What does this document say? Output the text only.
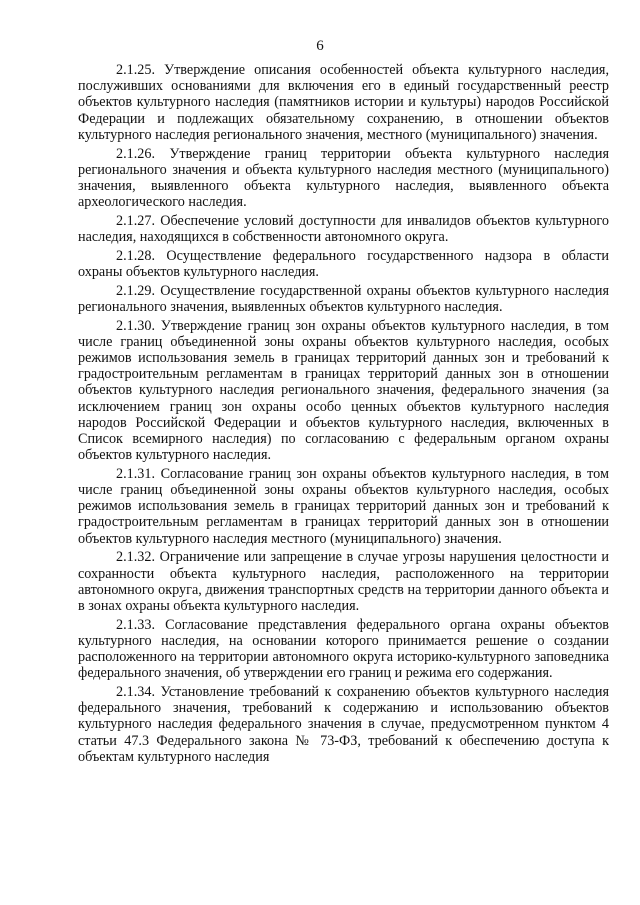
6

2.1.25. Утверждение описания особенностей объекта культурного наследия, послуживших основаниями для включения его в единый государственный реестр объектов культурного наследия (памятников истории и культуры) народов Российской Федерации и подлежащих обязательному сохранению, в отношении объектов культурного наследия регионального значения, местного (муниципального) значения.

2.1.26. Утверждение границ территории объекта культурного наследия регионального значения и объекта культурного наследия местного (муниципального) значения, выявленного объекта культурного наследия, выявленного объекта археологического наследия.

2.1.27. Обеспечение условий доступности для инвалидов объектов культурного наследия, находящихся в собственности автономного округа.

2.1.28. Осуществление федерального государственного надзора в области охраны объектов культурного наследия.

2.1.29. Осуществление государственной охраны объектов культурного наследия регионального значения, выявленных объектов культурного наследия.

2.1.30. Утверждение границ зон охраны объектов культурного наследия, в том числе границ объединенной зоны охраны объектов культурного наследия, особых режимов использования земель в границах территорий данных зон и требований к градостроительным регламентам в границах территорий данных зон в отношении объектов культурного наследия регионального значения, федерального значения (за исключением границ зон охраны особо ценных объектов культурного наследия народов Российской Федерации и объектов культурного наследия, включенных в Список всемирного наследия) по согласованию с федеральным органом охраны объектов культурного наследия.

2.1.31. Согласование границ зон охраны объектов культурного наследия, в том числе границ объединенной зоны охраны объектов культурного наследия, особых режимов использования земель в границах территорий данных зон и требований к градостроительным регламентам в границах территорий данных зон в отношении объектов культурного наследия местного (муниципального) значения.

2.1.32. Ограничение или запрещение в случае угрозы нарушения целостности и сохранности объекта культурного наследия, расположенного на территории автономного округа, движения транспортных средств на территории данного объекта и в зонах охраны объекта культурного наследия.

2.1.33. Согласование представления федерального органа охраны объектов культурного наследия, на основании которого принимается решение о создании расположенного на территории автономного округа историко-культурного заповедника федерального значения, об утверждении его границ и режима его содержания.

2.1.34. Установление требований к сохранению объектов культурного наследия федерального значения, требований к содержанию и использованию объектов культурного наследия федерального значения в случае, предусмотренном пунктом 4 статьи 47.3 Федерального закона № 73-ФЗ, требований к обеспечению доступа к объектам культурного наследия
